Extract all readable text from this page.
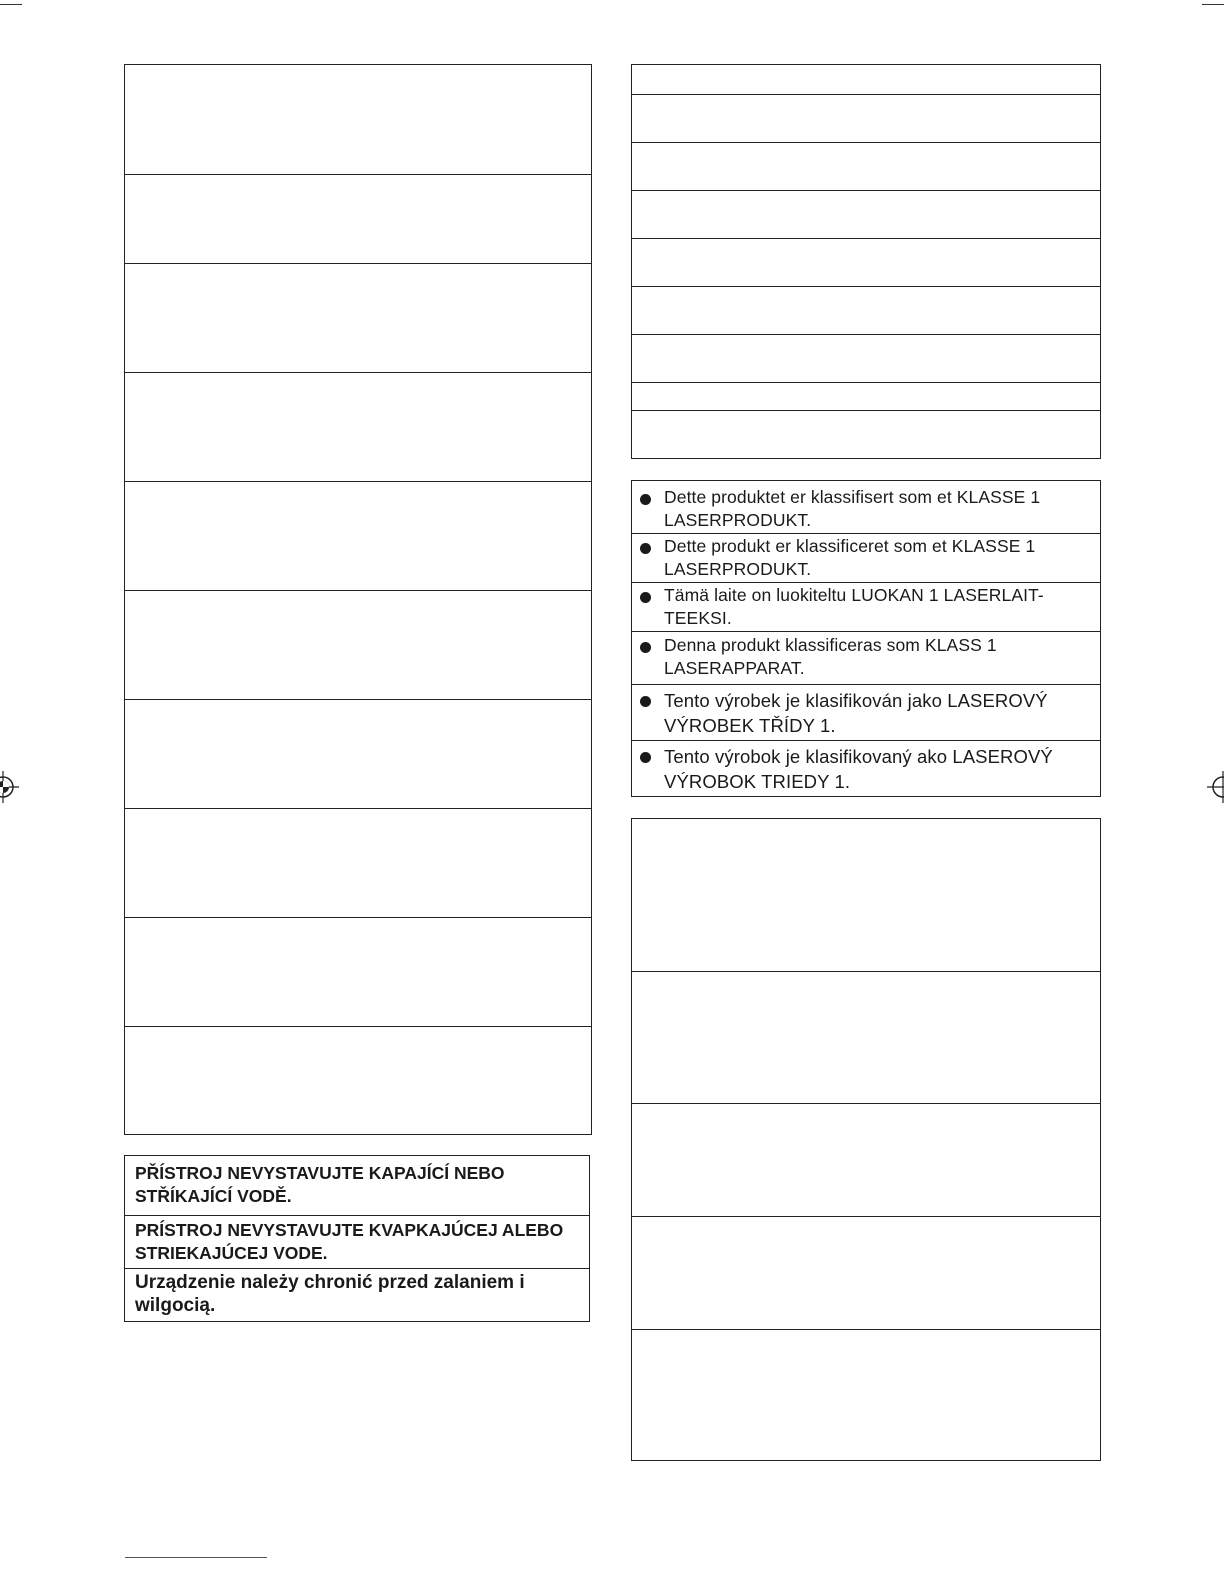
PŘÍSTROJ NEVYSTAVUJTE KAPAJÍCÍ NEBO STŘÍKAJÍCÍ VODĚ.
PRÍSTROJ NEVYSTAVUJTE KVAPKAJÚCEJ ALEBO STRIEKAJÚCEJ VODE.
Urządzenie należy chronić przed zalaniem i wilgocią.
Dette produktet er klassifisert som et KLASSE 1 LASERPRODUKT.
Dette produkt er klassificeret som et KLASSE 1 LASERPRODUKT.
Tämä laite on luokiteltu LUOKAN 1 LASERLAIT-TEEKSI.
Denna produkt klassificeras som KLASS 1 LASERAPPARAT.
Tento výrobek je klasifikován jako LASEROVÝ VÝROBEK TŘÍDY 1.
Tento výrobok je klasifikovaný ako LASEROVÝ VÝROBOK TRIEDY 1.
